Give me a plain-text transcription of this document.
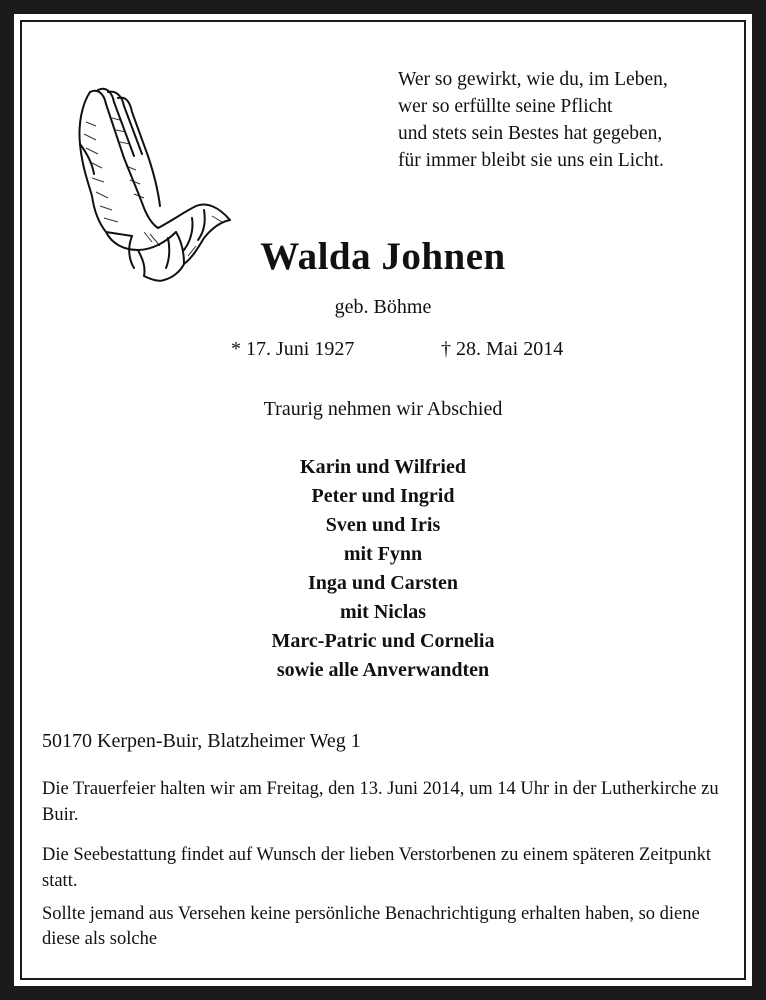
Wer so gewirkt, wie du, im Leben,
wer so erfüllte seine Pflicht
und stets sein Bestes hat gegeben,
für immer bleibt sie uns ein Licht.
Walda Johnen
geb. Böhme
* 17. Juni 1927	† 28. Mai 2014
Traurig nehmen wir Abschied
Karin und Wilfried
Peter und Ingrid
Sven und Iris
mit Fynn
Inga und Carsten
mit Niclas
Marc-Patric und Cornelia
sowie alle Anverwandten
50170 Kerpen-Buir, Blatzheimer Weg 1
Die Trauerfeier halten wir am Freitag, den 13. Juni 2014, um 14 Uhr in der Lutherkirche zu Buir.
Die Seebestattung findet auf Wunsch der lieben Verstorbenen zu einem späteren Zeitpunkt statt.
Sollte jemand aus Versehen keine persönliche Benachrichtigung erhalten haben, so diene diese als solche
